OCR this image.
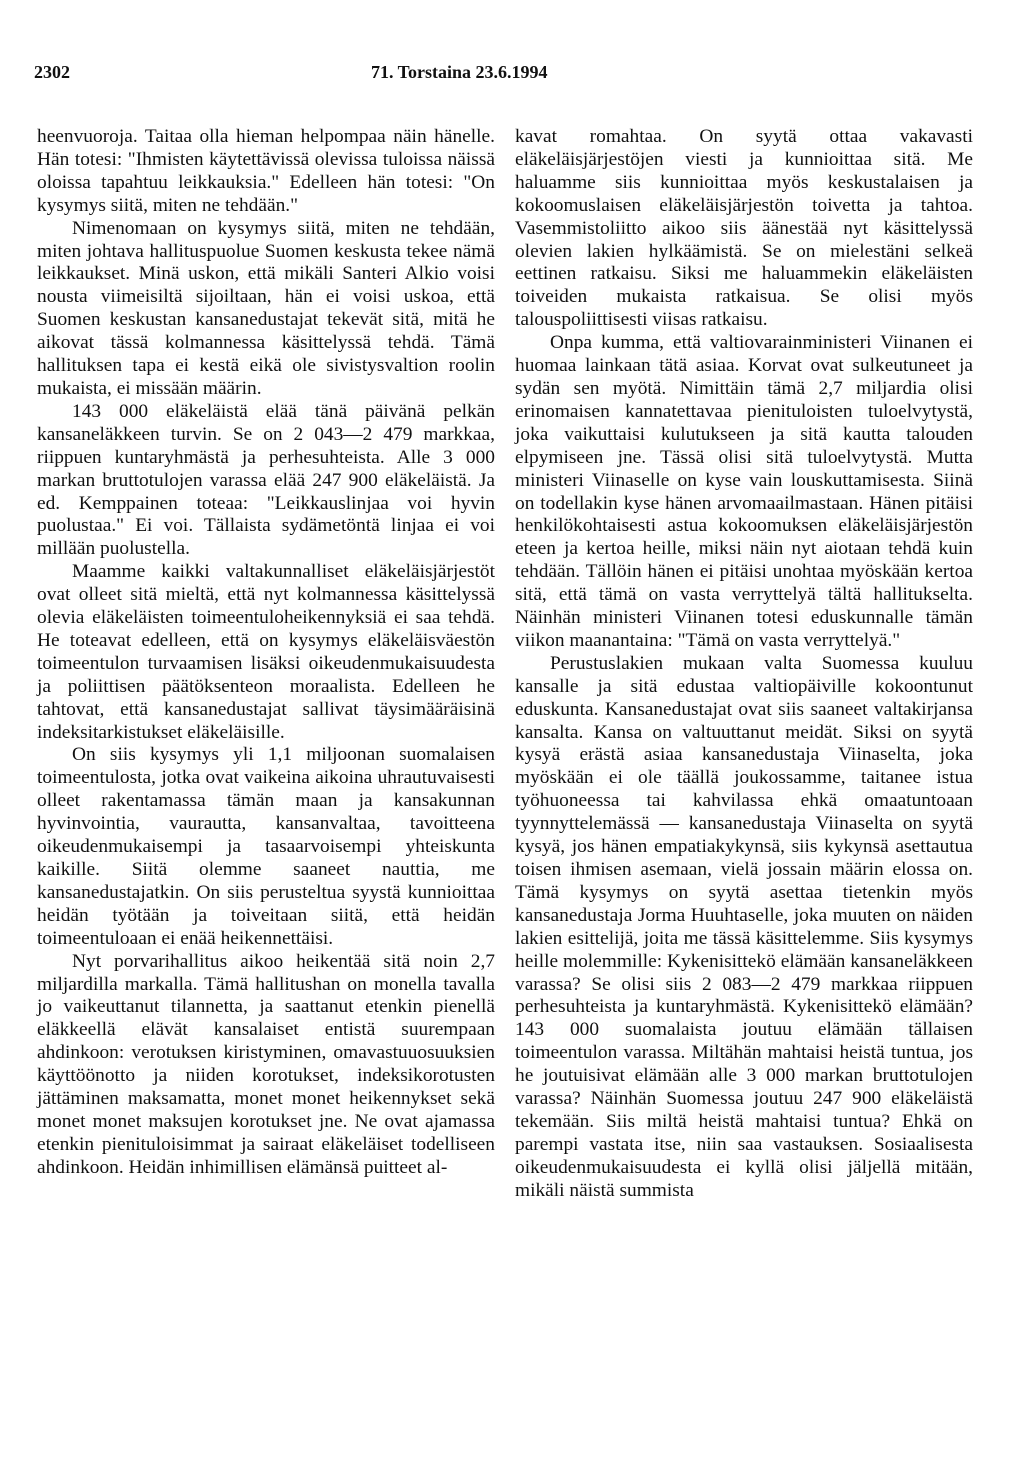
2302	71. Torstaina 23.6.1994

heenvuoroja. Taitaa olla hieman helpompaa näin hänelle. Hän totesi: "Ihmisten käytettävissä olevissa tuloissa näissä oloissa tapahtuu leikkauksia." Edelleen hän totesi: "On kysymys siitä, miten ne tehdään."

Nimenomaan on kysymys siitä, miten ne tehdään, miten johtava hallituspuolue Suomen keskusta tekee nämä leikkaukset. Minä uskon, että mikäli Santeri Alkio voisi nousta viimeisiltä sijoiltaan, hän ei voisi uskoa, että Suomen keskustan kansanedustajat tekevät sitä, mitä he aikovat tässä kolmannessa käsittelyssä tehdä. Tämä hallituksen tapa ei kestä eikä ole sivistysvaltion roolin mukaista, ei missään määrin.

143 000 eläkeläistä elää tänä päivänä pelkän kansaneläkkeen turvin. Se on 2 043—2 479 markkaa, riippuen kuntaryhmästä ja perhesuhteista. Alle 3 000 markan bruttotulojen varassa elää 247 900 eläkeläistä. Ja ed. Kemppainen toteaa: "Leikkauslinjaa voi hyvin puolustaa." Ei voi. Tällaista sydämetöntä linjaa ei voi millään puolustella.

Maamme kaikki valtakunnalliset eläkeläisjärjestöt ovat olleet sitä mieltä, että nyt kolmannessa käsittelyssä olevia eläkeläisten toimeentuloheikennyksiä ei saa tehdä. He toteavat edelleen, että on kysymys eläkeläisväestön toimeentulon turvaamisen lisäksi oikeudenmukaisuudesta ja poliittisen päätöksenteon moraalista. Edelleen he tahtovat, että kansanedustajat sallivat täysimääräisinä indeksitarkistukset eläkeläisille.

On siis kysymys yli 1,1 miljoonan suomalaisen toimeentulosta, jotka ovat vaikeina aikoina uhrautuvaisesti olleet rakentamassa tämän maan ja kansakunnan hyvinvointia, vaurautta, kansanvaltaa, tavoitteena oikeudenmukaisempi ja tasaarvoisempi yhteiskunta kaikille. Siitä olemme saaneet nauttia, me kansanedustajatkin. On siis perusteltua syystä kunnioittaa heidän työtään ja toiveitaan siitä, että heidän toimeentuloaan ei enää heikennettäisi.

Nyt porvarihallitus aikoo heikentää sitä noin 2,7 miljardilla markalla. Tämä hallitushan on monella tavalla jo vaikeuttanut tilannetta, ja saattanut etenkin pienellä eläkkeellä elävät kansalaiset entistä suurempaan ahdinkoon: verotuksen kiristyminen, omavastuuosuuksien käyttöönotto ja niiden korotukset, indeksikorotusten jättäminen maksamatta, monet monet heikennykset sekä monet monet maksujen korotukset jne. Ne ovat ajamassa etenkin pienituloisimmat ja sairaat eläkeläiset todelliseen ahdinkoon. Heidän inhimillisen elämänsä puitteet al-

kavat romahtaa. On syytä ottaa vakavasti eläkeläisjärjestöjen viesti ja kunnioittaa sitä. Me haluamme siis kunnioittaa myös keskustalaisen ja kokoomuslaisen eläkeläisjärjestön toivetta ja tahtoa. Vasemmistoliitto aikoo siis äänestää nyt käsittelyssä olevien lakien hylkäämistä. Se on mielestäni selkeä eettinen ratkaisu. Siksi me haluammekin eläkeläisten toiveiden mukaista ratkaisua. Se olisi myös talouspoliittisesti viisas ratkaisu.

Onpa kumma, että valtiovarainministeri Viinanen ei huomaa lainkaan tätä asiaa. Korvat ovat sulkeutuneet ja sydän sen myötä. Nimittäin tämä 2,7 miljardia olisi erinomaisen kannatettavaa pienituloisten tuloelvytystä, joka vaikuttaisi kulutukseen ja sitä kautta talouden elpymiseen jne. Tässä olisi sitä tuloelvytystä. Mutta ministeri Viinaselle on kyse vain louskuttamisesta. Siinä on todellakin kyse hänen arvomaailmastaan. Hänen pitäisi henkilökohtaisesti astua kokoomuksen eläkeläisjärjestön eteen ja kertoa heille, miksi näin nyt aiotaan tehdä kuin tehdään. Tällöin hänen ei pitäisi unohtaa myöskään kertoa sitä, että tämä on vasta verryttelyä tältä hallitukselta. Näinhän ministeri Viinanen totesi eduskunnalle tämän viikon maanantaina: "Tämä on vasta verryttelyä."

Perustuslakien mukaan valta Suomessa kuuluu kansalle ja sitä edustaa valtiopäiville kokoontunut eduskunta. Kansanedustajat ovat siis saaneet valtakirjansa kansalta. Kansa on valtuuttanut meidät. Siksi on syytä kysyä erästä asiaa kansanedustaja Viinaselta, joka myöskään ei ole täällä joukossamme, taitanee istua työhuoneessa tai kahvilassa ehkä omaatuntoaan tyynnyttelemässä — kansanedustaja Viinaselta on syytä kysyä, jos hänen empatiakykynsä, siis kykynsä asettautua toisen ihmisen asemaan, vielä jossain määrin elossa on. Tämä kysymys on syytä asettaa tietenkin myös kansanedustaja Jorma Huuhtaselle, joka muuten on näiden lakien esittelijä, joita me tässä käsittelemme. Siis kysymys heille molemmille: Kykenisittekö elämään kansaneläkkeen varassa? Se olisi siis 2 083—2 479 markkaa riippuen perhesuhteista ja kuntaryhmästä. Kykenisittekö elämään? 143 000 suomalaista joutuu elämään tällaisen toimeentulon varassa. Miltähän mahtaisi heistä tuntua, jos he joutuisivat elämään alle 3 000 markan bruttotulojen varassa? Näinhän Suomessa joutuu 247 900 eläkeläistä tekemään. Siis miltä heistä mahtaisi tuntua? Ehkä on parempi vastata itse, niin saa vastauksen. Sosiaalisesta oikeudenmukaisuudesta ei kyllä olisi jäljellä mitään, mikäli näistä summista
